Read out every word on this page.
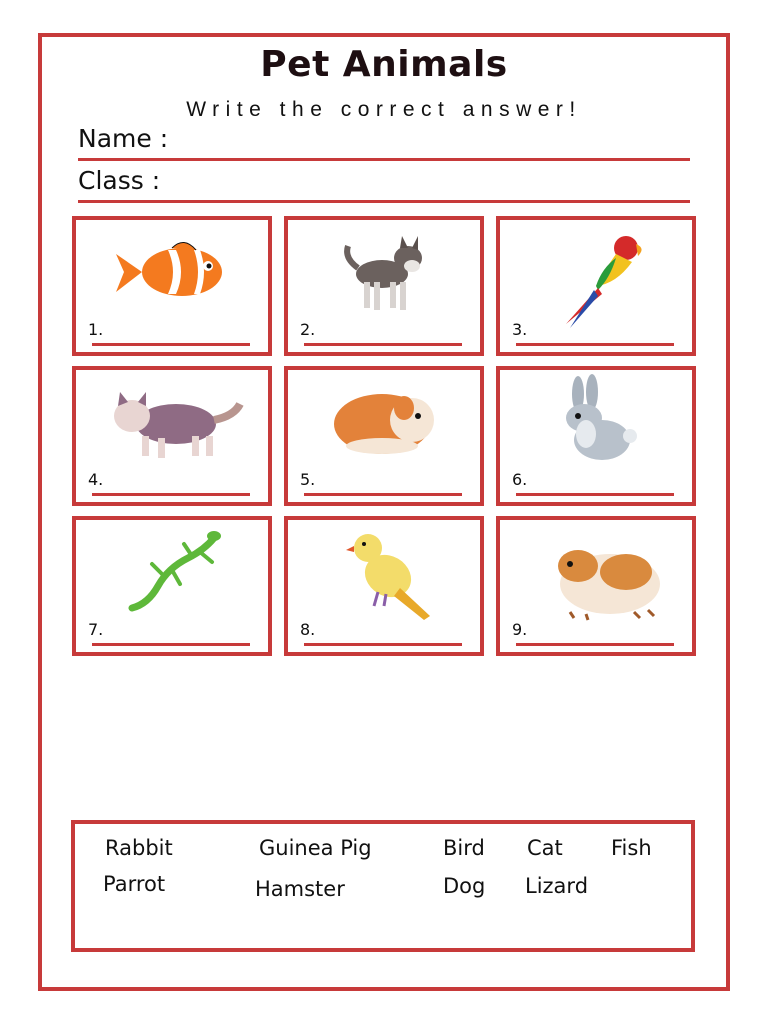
Pet Animals
Write the correct answer!
Name :
Class :
1.	2.	3.
4.	5.	6.
7.	8.	9.
Rabbit	Guinea Pig	Bird Cat Fish
Parrot	Hamster	Dog Lizard
